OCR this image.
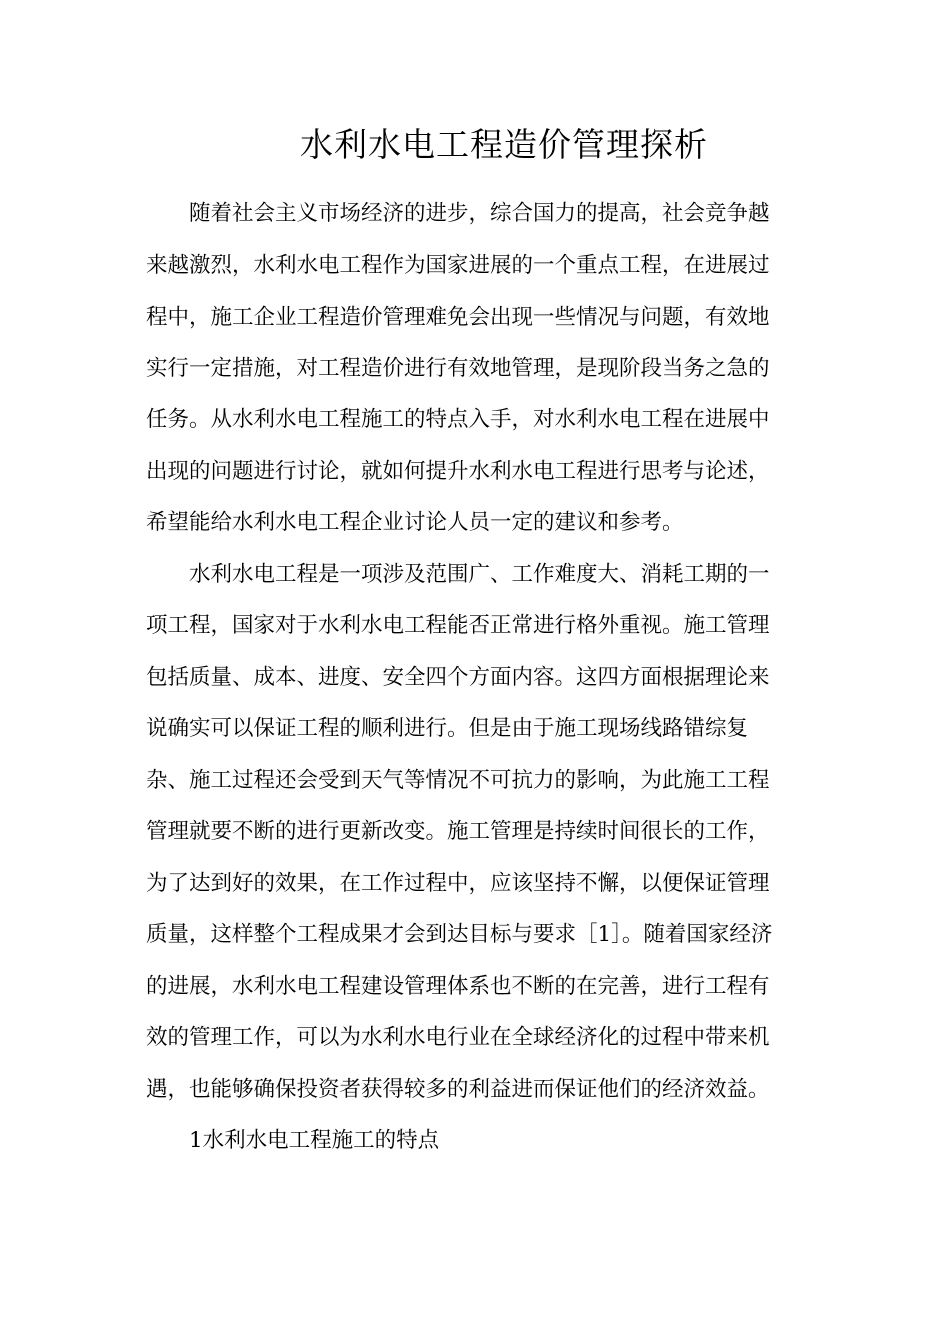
水利水电工程造价管理探析

随着社会主义市场经济的进步，综合国力的提高，社会竞争越

来越激烈，水利水电工程作为国家进展的一个重点工程，在进展过

程中，施工企业工程造价管理难免会出现一些情况与问题，有效地

实行一定措施，对工程造价进行有效地管理，是现阶段当务之急的

任务。从水利水电工程施工的特点入手，对水利水电工程在进展中

出现的问题进行讨论，就如何提升水利水电工程进行思考与论述，

希望能给水利水电工程企业讨论人员一定的建议和参考。

水利水电工程是一项涉及范围广、工作难度大、消耗工期的一

项工程，国家对于水利水电工程能否正常进行格外重视。施工管理

包括质量、成本、进度、安全四个方面内容。这四方面根据理论来

说确实可以保证工程的顺利进行。但是由于施工现场线路错综复

杂、施工过程还会受到天气等情况不可抗力的影响，为此施工工程

管理就要不断的进行更新改变。施工管理是持续时间很长的工作，

为了达到好的效果，在工作过程中，应该坚持不懈，以便保证管理

质量，这样整个工程成果才会到达目标与要求［1］。随着国家经济

的进展，水利水电工程建设管理体系也不断的在完善，进行工程有

效的管理工作，可以为水利水电行业在全球经济化的过程中带来机

遇，也能够确保投资者获得较多的利益进而保证他们的经济效益。

1水利水电工程施工的特点
